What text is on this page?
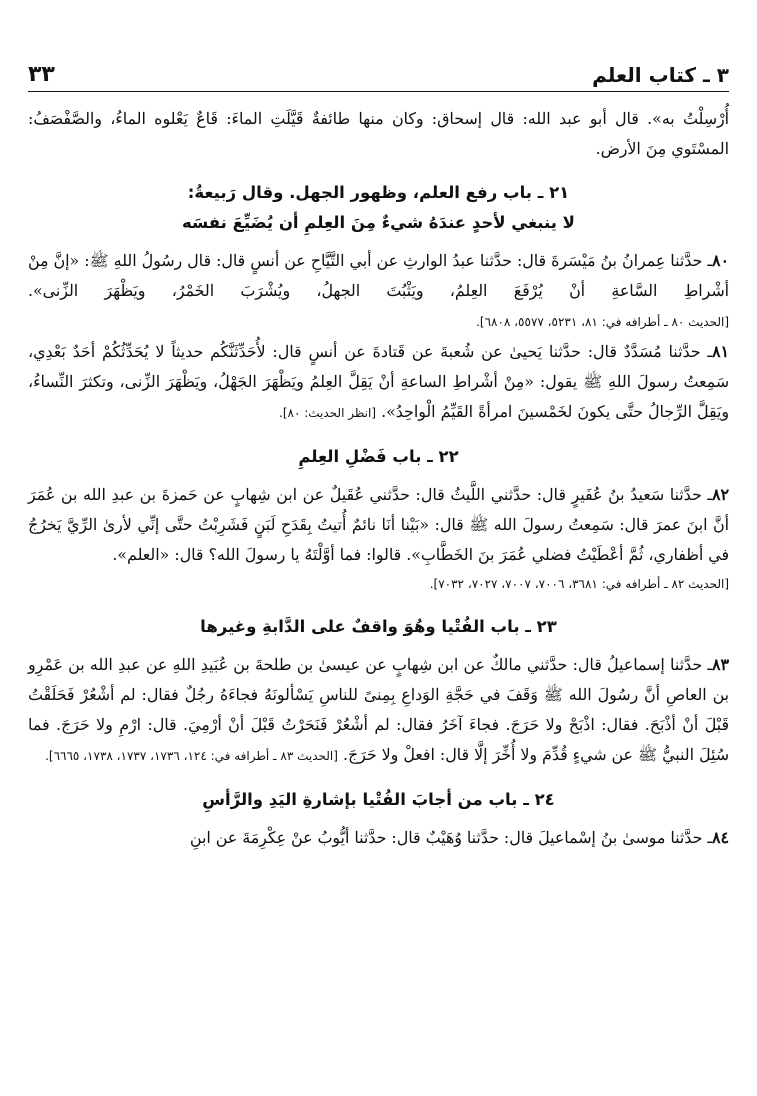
٣ ـ كتاب العلم
٣٣

أُرْسِلْتُ به». قال أبو عبد الله: قال إسحاق: وكان منها طائفةٌ قَيَّلَتِ الماءَ: قَاعٌ يَعْلوه الماءُ، والصَّفْصَفُ: المسْتَوي مِنَ الأرض.

٢١ ـ باب رفع العلم، وظهور الجهل. وقال رَبيعةُ:

لا ينبغي لأحدٍ عندَهُ شيءٌ مِنَ العِلمِ أن يُضَيِّعَ نفسَه

٨٠ـ حدَّثنا عِمرانُ بنُ مَيْسَرةَ قال: حدَّثنا عبدُ الوارثِ عن أبي التَّيَّاحِ عن أنسٍ قال: قال رسُولُ اللهِ ﷺ: «إنَّ مِنْ أشْراطِ السَّاعةِ أنْ يُرْفَعَ العِلمُ، ويَثْبُتَ الجهلُ، ويُشْرَبَ الخَمْرُ، ويَظْهَرَ الزِّنى». [الحديث ٨٠ ـ أطرافه في: ٨١، ٥٢٣١، ٥٥٧٧، ٦٨٠٨].

٨١ـ حدَّثنا مُسَدَّدٌ قال: حدَّثنا يَحيىٰ عن شُعبةَ عن قَتادةَ عن أنسٍ قال: لأُحَدِّثَنَّكُم حديثاً لا يُحَدِّثُكُمْ أحَدٌ بَعْدِي، سَمِعتُ رسولَ اللهِ ﷺ يقول: «مِنْ أشْراطِ الساعةِ أنْ يَقِلَّ العِلمُ ويَظْهَرَ الجَهْلُ، ويَظْهَرَ الزِّنى، وتكثرَ النِّساءُ، ويَقِلَّ الرِّجالُ حتَّى يكونَ لخَمْسينَ امرأةً القَيِّمُ الْواحِدُ». [انظر الحديث: ٨٠].

٢٢ ـ باب فَضْلِ العِلمِ

٨٢ـ حدَّثنا سَعيدُ بنُ عُفَيرٍ قال: حدَّثني اللَّيثُ قال: حدَّثني عُقَيلٌ عن ابن شِهابٍ عن حَمزةَ بن عبدِ الله بن عُمَرَ أنَّ ابنَ عمرَ قال: سَمِعتُ رسولَ الله ﷺ قال: «بَيْنا أنَا نائمٌ أُتيتُ بِقَدَحِ لَبَنٍ فَشَرِبْتُ حتَّى إنِّي لأرىٰ الرِّيَّ يَخرُجُ في أظفاري، ثُمَّ أعْطَيْتُ فضلي عُمَرَ بنَ الخَطَّابِ». قالوا: فما أوَّلْتَهُ يا رسولَ الله؟ قال: «العلم».

[الحديث ٨٢ ـ أطرافه في: ٣٦٨١، ٧٠٠٦، ٧٠٠٧، ٧٠٢٧، ٧٠٣٢].

٢٣ ـ باب الفُتْيا وهُوَ واقفٌ على الدَّابةِ وغيرها

٨٣ـ حدَّثنا إسماعيلُ قال: حدَّثني مالكٌ عن ابن شِهابٍ عن عيسىٰ بن طلحةَ بن عُبَيدِ اللهِ عن عبدِ الله بن عَمْرِو بن العاصِ أنَّ رسُولَ الله ﷺ وَقَفَ في حَجَّةِ الوَداعِ بِمِنىً للناسِ يَسْألونَهُ فجاءَهُ رجُلٌ فقال: لم أشْعُرْ فَحَلَقْتُ قَبْلَ أنْ أذْبَحَ. فقال: اذْبَحْ ولا حَرَجَ. فجاءَ آخَرُ فقال: لم أشْعُرْ فَنَحَرْتُ قَبْلَ أنْ أرْمِيَ. قال: ارْمِ ولا حَرَجَ. فما سُئِلَ النبيُّ ﷺ عن شيءٍ قُدِّمَ ولا أُخِّرَ إلَّا قال: افعلْ ولا حَرَجَ. [الحديث ٨٣ ـ أطرافه في: ١٢٤، ١٧٣٦، ١٧٣٧، ١٧٣٨، ٦٦٦٥].

٢٤ ـ باب من أجابَ الفُتْيا بإشارةِ اليَدِ والرَّأسِ

٨٤ـ حدَّثنا موسىٰ بنُ إسْماعيلَ قال: حدَّثنا وُهَيْبٌ قال: حدَّثنا أيُّوبُ عنْ عِكْرِمَةَ عن ابنِ
